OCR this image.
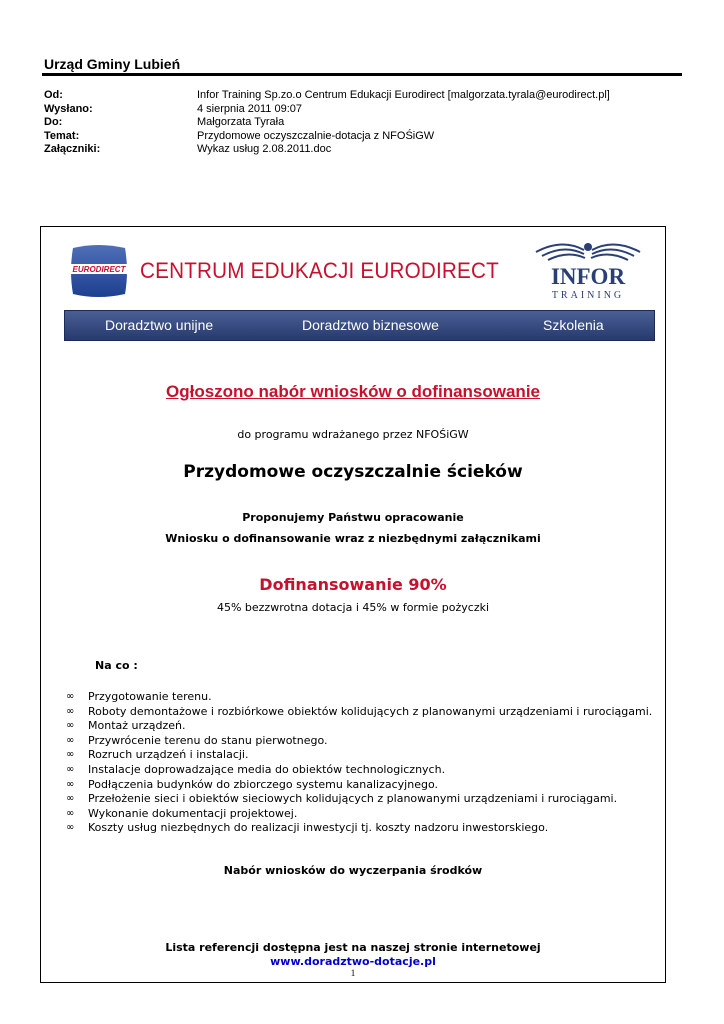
Urząd Gminy Lubień
Od:	Infor Training Sp.zo.o Centrum Edukacji Eurodirect [malgorzata.tyrala@eurodirect.pl]
Wysłano:	4 sierpnia 2011 09:07
Do:	Małgorzata Tyrała
Temat:	Przydomowe oczyszczalnie-dotacja z NFOŚiGW
Załączniki:	Wykaz usług 2.08.2011.doc
EURODIRECT CENTRUM EDUKACJI EURODIRECT INFOR
TRAINING
Doradztwo unijne	Doradztwo biznesowe	Szkolenia
Ogłoszono nabór wniosków o dofinansowanie
do programu wdrażanego przez NFOŚiGW
Przydomowe oczyszczalnie ścieków
Proponujemy Państwu opracowanie
Wniosku o dofinansowanie wraz z niezbędnymi załącznikami
Dofinansowanie 90%
45% bezzwrotna dotacja i 45% w formie pożyczki
Na co :
∞	Przygotowanie terenu.
∞	Roboty demontażowe i rozbiórkowe obiektów kolidujących z planowanymi urządzeniami i rurociągami.
∞	Montaż urządzeń.
∞	Przywrócenie terenu do stanu pierwotnego.
∞	Rozruch urządzeń i instalacji.
∞	Instalacje doprowadzające media do obiektów technologicznych.
∞	Podłączenia budynków do zbiorczego systemu kanalizacyjnego.
∞	Przełożenie sieci i obiektów sieciowych kolidujących z planowanymi urządzeniami i rurociągami.
∞	Wykonanie dokumentacji projektowej.
∞	Koszty usług niezbędnych do realizacji inwestycji tj. koszty nadzoru inwestorskiego.
Nabór wniosków do wyczerpania środków
Lista referencji dostępna jest na naszej stronie internetowej
www.doradztwo-dotacje.pl
1
